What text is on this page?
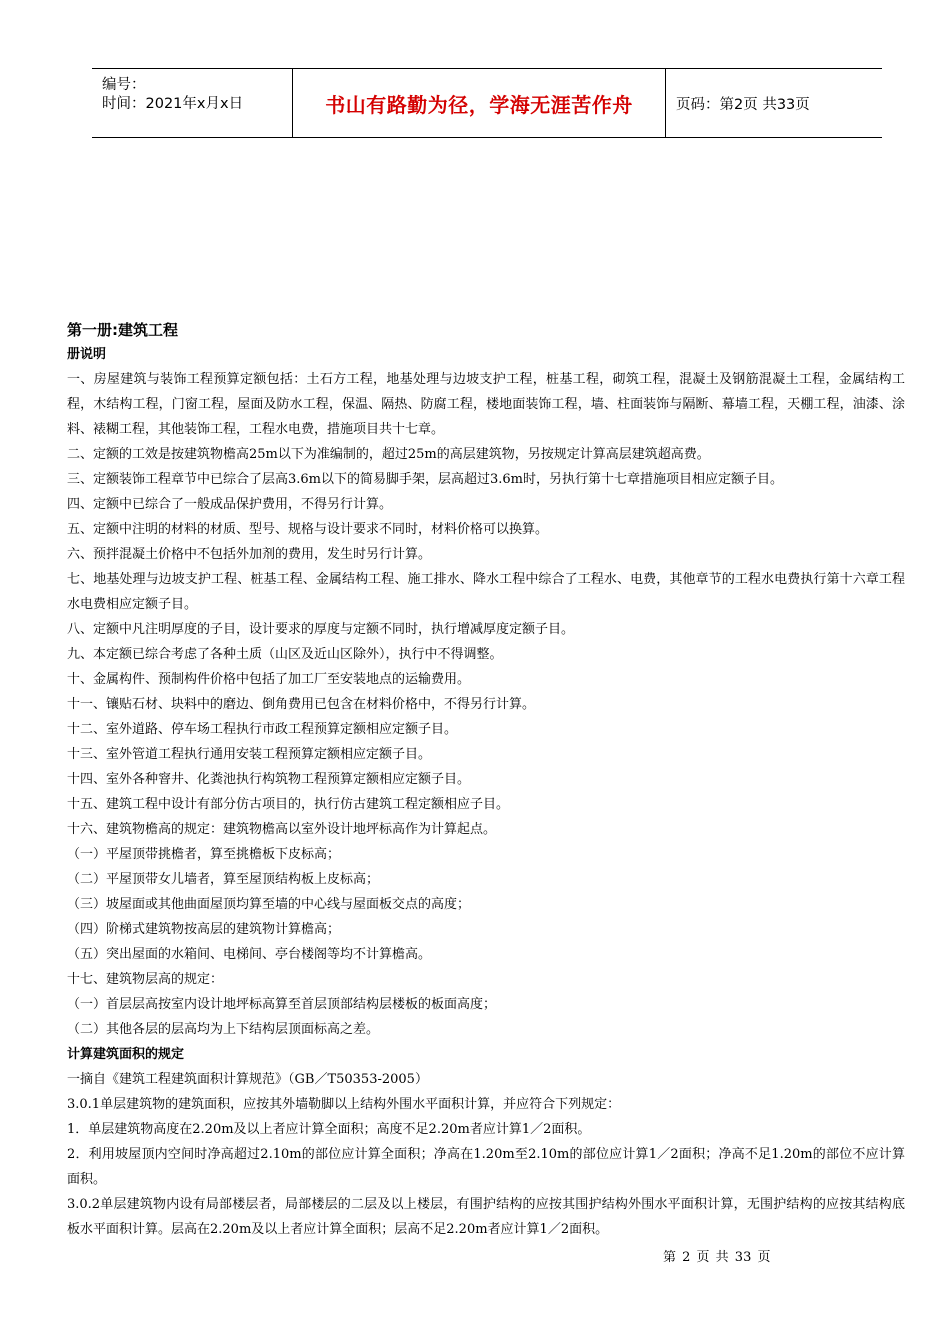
编号：
时间：2021年x月x日	书山有路勤为径，学海无涯苦作舟	页码：第2页 共33页

第一册:建筑工程

册说明

一、房屋建筑与装饰工程预算定额包括：土石方工程，地基处理与边坡支护工程，桩基工程，砌筑工程，混凝土及钢筋混凝土工程，金属结构工程，木结构工程，门窗工程，屋面及防水工程，保温、隔热、防腐工程，楼地面装饰工程，墙、柱面装饰与隔断、幕墙工程，天棚工程，油漆、涂料、裱糊工程，其他装饰工程，工程水电费，措施项目共十七章。

二、定额的工效是按建筑物檐高25m以下为准编制的，超过25m的高层建筑物，另按规定计算高层建筑超高费。

三、定额装饰工程章节中已综合了层高3.6m以下的简易脚手架，层高超过3.6m时，另执行第十七章措施项目相应定额子目。

四、定额中已综合了一般成品保护费用，不得另行计算。

五、定额中注明的材料的材质、型号、规格与设计要求不同时，材料价格可以换算。

六、预拌混凝土价格中不包括外加剂的费用，发生时另行计算。

七、地基处理与边坡支护工程、桩基工程、金属结构工程、施工排水、降水工程中综合了工程水、电费，其他章节的工程水电费执行第十六章工程水电费相应定额子目。

八、定额中凡注明厚度的子目，设计要求的厚度与定额不同时，执行增减厚度定额子目。

九、本定额已综合考虑了各种土质（山区及近山区除外），执行中不得调整。

十、金属构件、预制构件价格中包括了加工厂至安装地点的运输费用。

十一、镶贴石材、块料中的磨边、倒角费用已包含在材料价格中，不得另行计算。

十二、室外道路、停车场工程执行市政工程预算定额相应定额子目。

十三、室外管道工程执行通用安装工程预算定额相应定额子目。

十四、室外各种窨井、化粪池执行构筑物工程预算定额相应定额子目。

十五、建筑工程中设计有部分仿古项目的，执行仿古建筑工程定额相应子目。

十六、建筑物檐高的规定：建筑物檐高以室外设计地坪标高作为计算起点。

（一）平屋顶带挑檐者，算至挑檐板下皮标高；

（二）平屋顶带女儿墙者，算至屋顶结构板上皮标高；

（三）坡屋面或其他曲面屋顶均算至墙的中心线与屋面板交点的高度；

（四）阶梯式建筑物按高层的建筑物计算檐高；

（五）突出屋面的水箱间、电梯间、亭台楼阁等均不计算檐高。

十七、建筑物层高的规定：

（一）首层层高按室内设计地坪标高算至首层顶部结构层楼板的板面高度；

（二）其他各层的层高均为上下结构层顶面标高之差。

计算建筑面积的规定

一摘自《建筑工程建筑面积计算规范》（GB／T50353-2005）

3.0.1单层建筑物的建筑面积，应按其外墙勒脚以上结构外围水平面积计算，并应符合下列规定：

1．单层建筑物高度在2.20m及以上者应计算全面积；高度不足2.20m者应计算1／2面积。

2．利用坡屋顶内空间时净高超过2.10m的部位应计算全面积；净高在1.20m至2.10m的部位应计算1／2面积；净高不足1.20m的部位不应计算面积。

3.0.2单层建筑物内设有局部楼层者，局部楼层的二层及以上楼层，有围护结构的应按其围护结构外围水平面积计算，无围护结构的应按其结构底板水平面积计算。层高在2.20m及以上者应计算全面积；层高不足2.20m者应计算1／2面积。

第 2 页 共 33 页
